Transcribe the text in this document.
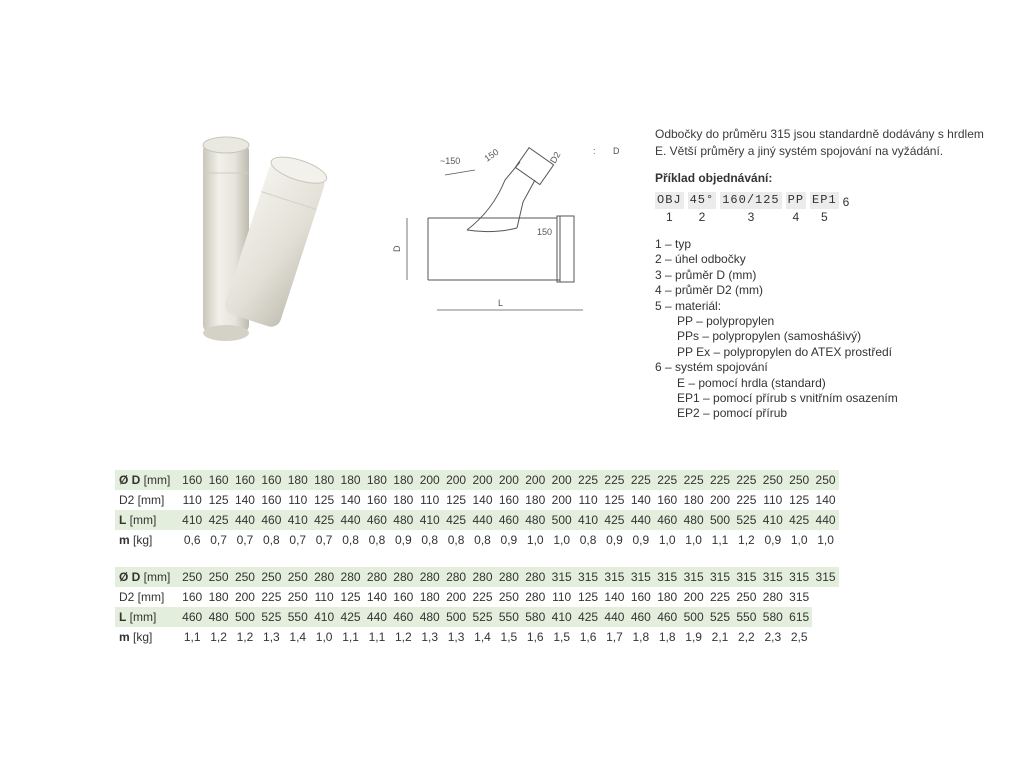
~150 150	D2	: D
150
D
L

Odbočky do průměru 315 jsou standardně dodávány s hrdlem E. Větší průměry a jiný systém spojování na vyžádání.

Příklad objednávání:
OBJ
1
45°
2
160/125
3
PP
4
EP1
5
6
1 – typ
2 – úhel odbočky
3 – průměr D (mm)
4 – průměr D2 (mm)
5 – materiál:
PP – polypropylen
PPs – polypropylen (samoshášivý)
PP Ex – polypropylen do ATEX prostředí
6 – systém spojování
E – pomocí hrdla (standard)
EP1 – pomocí přírub s vnitřním osazením
EP2 – pomocí přírub
Ø D [mm]	160	160	160	160	180	180	180	180	180	200	200	200	200	200	200	225	225	225	225	225	225	225	250	250	250
D2 [mm]	110	125	140	160	110	125	140	160	180	110	125	140	160	180	200	110	125	140	160	180	200	225	110	125	140
L [mm]	410	425	440	460	410	425	440	460	480	410	425	440	460	480	500	410	425	440	460	480	500	525	410	425	440
m [kg]	0,6	0,7	0,7	0,8	0,7	0,7	0,8	0,8	0,9	0,8	0,8	0,8	0,9	1,0	1,0	0,8	0,9	0,9	1,0	1,0	1,1	1,2	0,9	1,0	1,0
Ø D [mm]	250	250	250	250	250	280	280	280	280	280	280	280	280	280	315	315	315	315	315	315	315	315	315	315	315
D2 [mm]	160	180	200	225	250	110	125	140	160	180	200	225	250	280	110	125	140	160	180	200	225	250	280	315	
L [mm]	460	480	500	525	550	410	425	440	460	480	500	525	550	580	410	425	440	460	460	500	525	550	580	615	
m [kg]	1,1	1,2	1,2	1,3	1,4	1,0	1,1	1,1	1,2	1,3	1,3	1,4	1,5	1,6	1,5	1,6	1,7	1,8	1,8	1,9	2,1	2,2	2,3	2,5	
